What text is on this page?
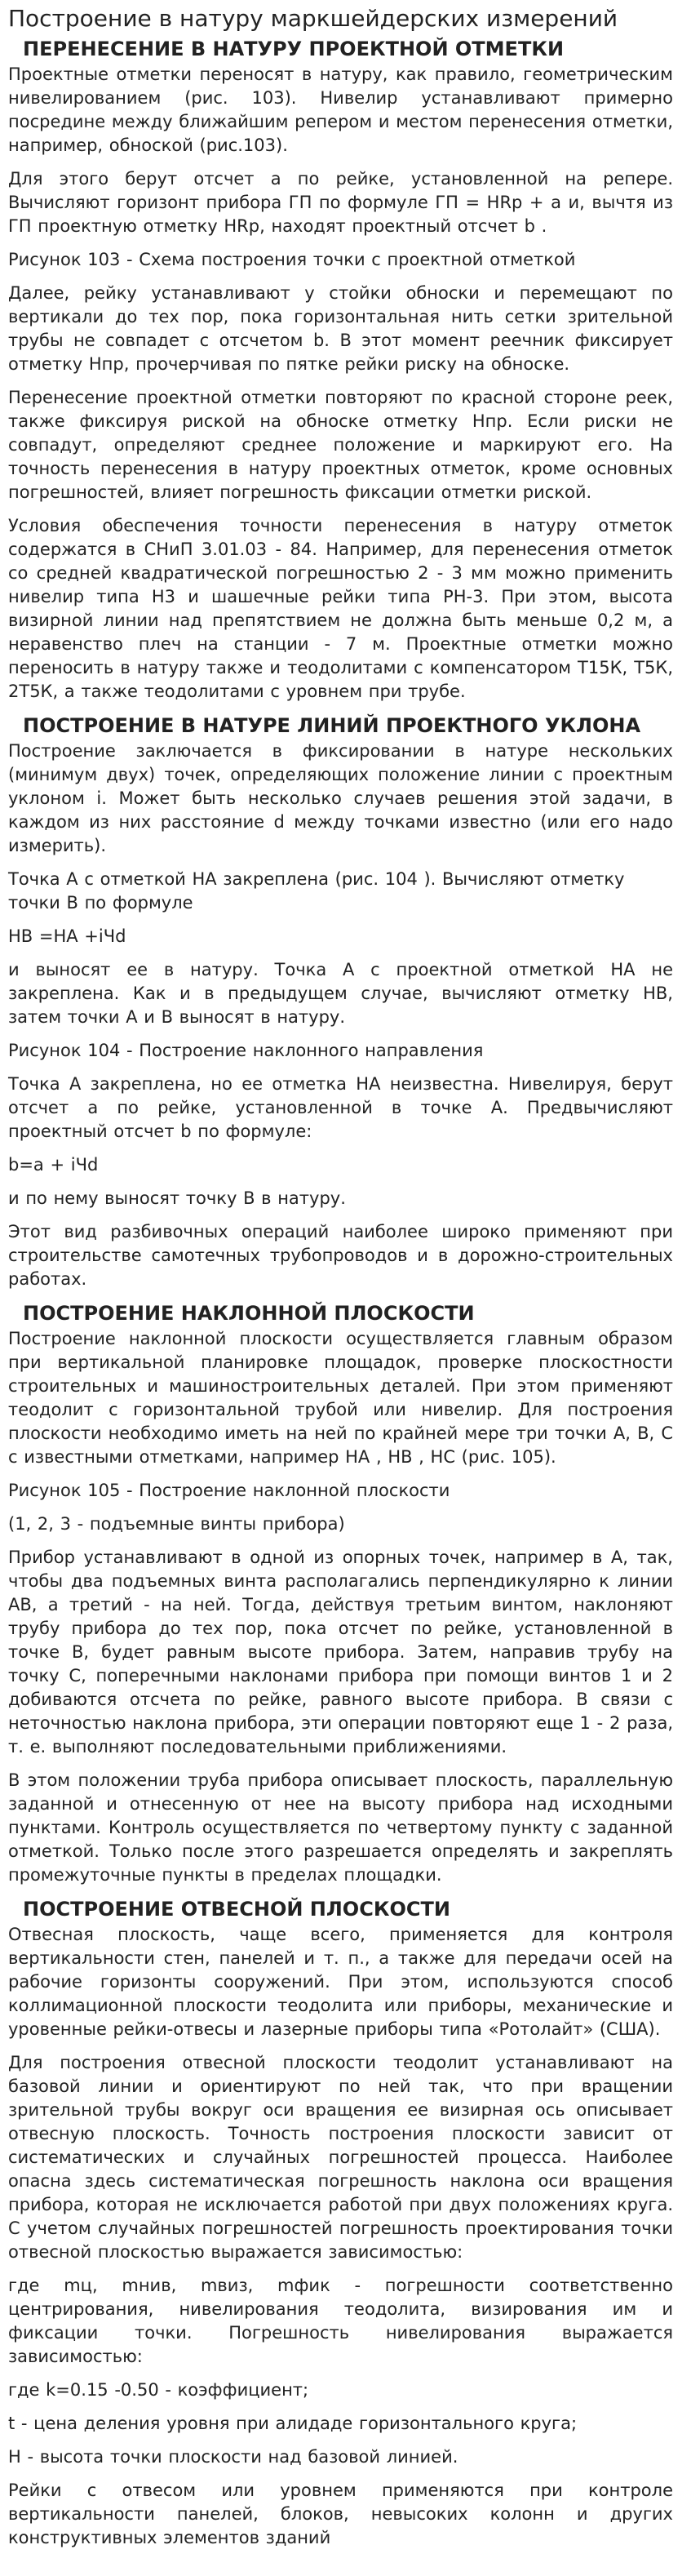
Построение в натуру маркшейдерских измерений
ПЕРЕНЕСЕНИЕ В НАТУРУ ПРОЕКТНОЙ ОТМЕТКИ

Проектные отметки переносят в натуру, как правило, геометрическим нивелированием (рис. 103). Нивелир устанавливают примерно посредине между ближайшим репером и местом перенесения отметки, например, обноской (рис.103).

Для этого берут отсчет а по рейке, установленной на репере. Вычисляют горизонт прибора ГП по формуле ГП = HRp + а и, вычтя из ГП проектную отметку HRp, находят проектный отсчет b .

Рисунок 103 - Схема построения точки с проектной отметкой

Далее, рейку устанавливают у стойки обноски и перемещают по вертикали до тех пор, пока горизонтальная нить сетки зрительной трубы не совпадет с отсчетом b. В этот момент реечник фиксирует отметку Нпр, прочерчивая по пятке рейки риску на обноске.

Перенесение проектной отметки повторяют по красной стороне реек, также фиксируя риской на обноске отметку Нпр. Если риски не совпадут, определяют среднее положение и маркируют его. На точность перенесения в натуру проектных отметок, кроме основных погрешностей, влияет погрешность фиксации отметки риской.

Условия обеспечения точности перенесения в натуру отметок содержатся в СНиП 3.01.03 - 84. Например, для перенесения отметок со средней квадратической погрешностью 2 - 3 мм можно применить нивелир типа Н3 и шашечные рейки типа РН-3. При этом, высота визирной линии над препятствием не должна быть меньше 0,2 м, а неравенство плеч на станции - 7 м. Проектные отметки можно переносить в натуру также и теодолитами с компенсатором Т15К, Т5К, 2Т5К, а также теодолитами с уровнем при трубе.

ПОСТРОЕНИЕ В НАТУРЕ ЛИНИЙ ПРОЕКТНОГО УКЛОНА

Построение заключается в фиксировании в натуре нескольких (минимум двух) точек, определяющих положение линии с проектным уклоном i. Может быть несколько случаев решения этой задачи, в каждом из них расстояние d между точками известно (или его надо измерить).

Точка А с отметкой НА закреплена (рис. 104 ). Вычисляют отметку точки В по формуле

НВ =НА +iЧd

и выносят ее в натуру. Точка А с проектной отметкой НА не закреплена. Как и в предыдущем случае, вычисляют отметку НВ, затем точки А и В выносят в натуру.

Рисунок 104 - Построение наклонного направления

Точка А закреплена, но ее отметка НА неизвестна. Нивелируя, берут отсчет а по рейке, установленной в точке А. Предвычисляют проектный отсчет b по формуле:

b=a + iЧd

и по нему выносят точку В в натуру.

Этот вид разбивочных операций наиболее широко применяют при строительстве самотечных трубопроводов и в дорожно-строительных работах.

ПОСТРОЕНИЕ НАКЛОННОЙ ПЛОСКОСТИ

Построение наклонной плоскости осуществляется главным образом при вертикальной планировке площадок, проверке плоскостности строительных и машиностроительных деталей. При этом применяют теодолит с горизонтальной трубой или нивелир. Для построения плоскости необходимо иметь на ней по крайней мере три точки А, В, С с известными отметками, например НА , НВ , НС (рис. 105).

Рисунок 105 - Построение наклонной плоскости

(1, 2, 3 - подъемные винты прибора)

Прибор устанавливают в одной из опорных точек, например в А, так, чтобы два подъемных винта располагались перпендикулярно к линии АВ, а третий - на ней. Тогда, действуя третьим винтом, наклоняют трубу прибора до тех пор, пока отсчет по рейке, установленной в точке В, будет равным высоте прибора. Затем, направив трубу на точку С, поперечными наклонами прибора при помощи винтов 1 и 2 добиваются отсчета по рейке, равного высоте прибора. В связи с неточностью наклона прибора, эти операции повторяют еще 1 - 2 раза, т. е. выполняют последовательными приближениями.

В этом положении труба прибора описывает плоскость, параллельную заданной и отнесенную от нее на высоту прибора над исходными пунктами. Контроль осуществляется по четвертому пункту с заданной отметкой. Только после этого разрешается определять и закреплять промежуточные пункты в пределах площадки.

ПОСТРОЕНИЕ ОТВЕСНОЙ ПЛОСКОСТИ

Отвесная плоскость, чаще всего, применяется для контроля вертикальности стен, панелей и т. п., а также для передачи осей на рабочие горизонты сооружений. При этом, используются способ коллимационной плоскости теодолита или приборы, механические и уровенные рейки-отвесы и лазерные приборы типа «Ротолайт» (США).

Для построения отвесной плоскости теодолит устанавливают на базовой линии и ориентируют по ней так, что при вращении зрительной трубы вокруг оси вращения ее визирная ось описывает отвесную плоскость. Точность построения плоскости зависит от систематических и случайных погрешностей процесса. Наиболее опасна здесь систематическая погрешность наклона оси вращения прибора, которая не исключается работой при двух положениях круга. С учетом случайных погрешностей погрешность проектирования точки отвесной плоскостью выражается зависимостью:

где mц, mнив, mвиз, mфик - погрешности соответственно центрирования, нивелирования теодолита, визирования им и фиксации точки. Погрешность нивелирования выражается зависимостью:

где k=0.15 -0.50 - коэффициент;

t - цена деления уровня при алидаде горизонтального круга;

Н - высота точки плоскости над базовой линией.

Рейки с отвесом или уровнем применяются при контроле вертикальности панелей, блоков, невысоких колонн и других конструктивных элементов зданий
